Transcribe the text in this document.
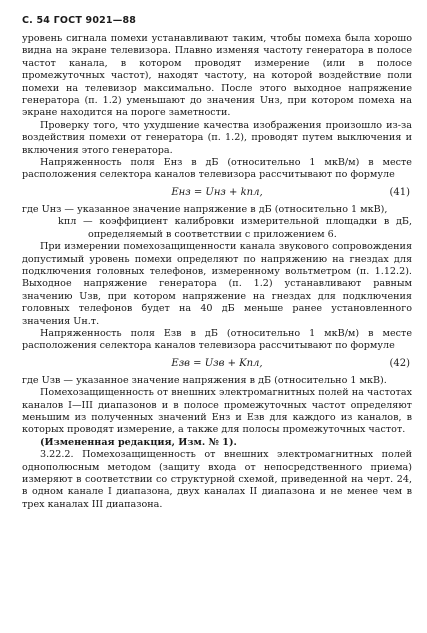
С. 54 ГОСТ 9021—88

уровень сигнала помехи устанавливают таким, чтобы помеха была хорошо видна на экране телевизора. Плавно изменяя частоту генератора в полосе частот канала, в котором проводят измерение (или в полосе промежуточных частот), находят частоту, на которой воздействие поли помехи на телевизор максимально. После этого выходное напряжение генератора (п. 1.2) уменьшают до значения Uнз, при котором помеха на экране находится на пороге заметности.

Проверку того, что ухудшение качества изображения произошло из-за воздействия помехи от генератора (п. 1.2), проводят путем выключения и включения этого генератора.

Напряженность поля Eнз в дБ (относительно 1 мкВ/м) в месте расположения селектора каналов телевизора рассчитывают по формуле

Eнз = Uнз + kпл,	(41)

где Uнз — указанное значение напряжение в дБ (относительно 1 мкВ),

kпл — коэффициент калибровки измерительной площадки в дБ, определяемый в соответствии с приложением 6.

При измерении помехозащищенности канала звукового сопровождения допустимый уровень помехи определяют по напряжению на гнездах для подключения головных телефонов, измеренному вольтметром (п. 1.12.2). Выходное напряжение генератора (п. 1.2) устанавливают равным значению Uзв, при котором напряжение на гнездах для подключения головных телефонов будет на 40 дБ меньше ранее установленного значения Uн.т.

Напряженность поля Eзв в дБ (относительно 1 мкВ/м) в месте расположения селектора каналов телевизора рассчитывают по формуле

Eзв = Uзв + Kпл,	(42)

где Uзв — указанное значение напряжения в дБ (относительно 1 мкВ).

Помехозащищенность от внешних электромагнитных полей на частотах каналов I—III диапазонов и в полосе промежуточных частот определяют меньшим из полученных значений Eнз и Eзв для каждого из каналов, в которых проводят измерение, а также для полосы промежуточных частот.

(Измененная редакция, Изм. № 1).

3.22.2. Помехозащищенность от внешних электромагнитных полей однополюсным методом (защиту входа от непосредственного приема) измеряют в соответствии со структурной схемой, приведенной на черт. 24, в одном канале I диапазона, двух каналах II диапазона и не менее чем в трех каналах III диапазона.
